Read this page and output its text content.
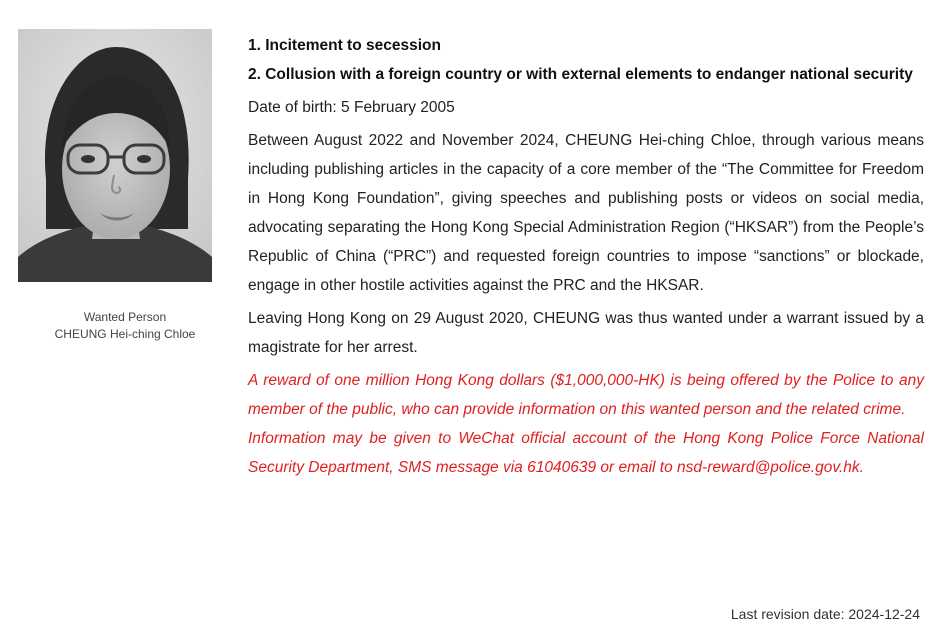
Wanted Person
CHEUNG Hei-ching Chloe

1. Incitement to secession

2. Collusion with a foreign country or with external elements to endanger national security

Date of birth: 5 February 2005

Between August 2022 and November 2024, CHEUNG Hei-ching Chloe, through various means including publishing articles in the capacity of a core member of the “The Committee for Freedom in Hong Kong Foundation”, giving speeches and publishing posts or videos on social media, advocating separating the Hong Kong Special Administration Region (“HKSAR”) from the People’s Republic of China (“PRC”) and requested foreign countries to impose “sanctions” or blockade, engage in other hostile activities against the PRC and the HKSAR.

Leaving Hong Kong on 29 August 2020, CHEUNG was thus wanted under a warrant issued by a magistrate for her arrest.

A reward of one million Hong Kong dollars ($1,000,000-HK) is being offered by the Police to any member of the public, who can provide information on this wanted person and the related crime.

Information may be given to WeChat official account of the Hong Kong Police Force National Security Department, SMS message via 61040639 or email to nsd-reward@police.gov.hk.

Last revision date: 2024-12-24
